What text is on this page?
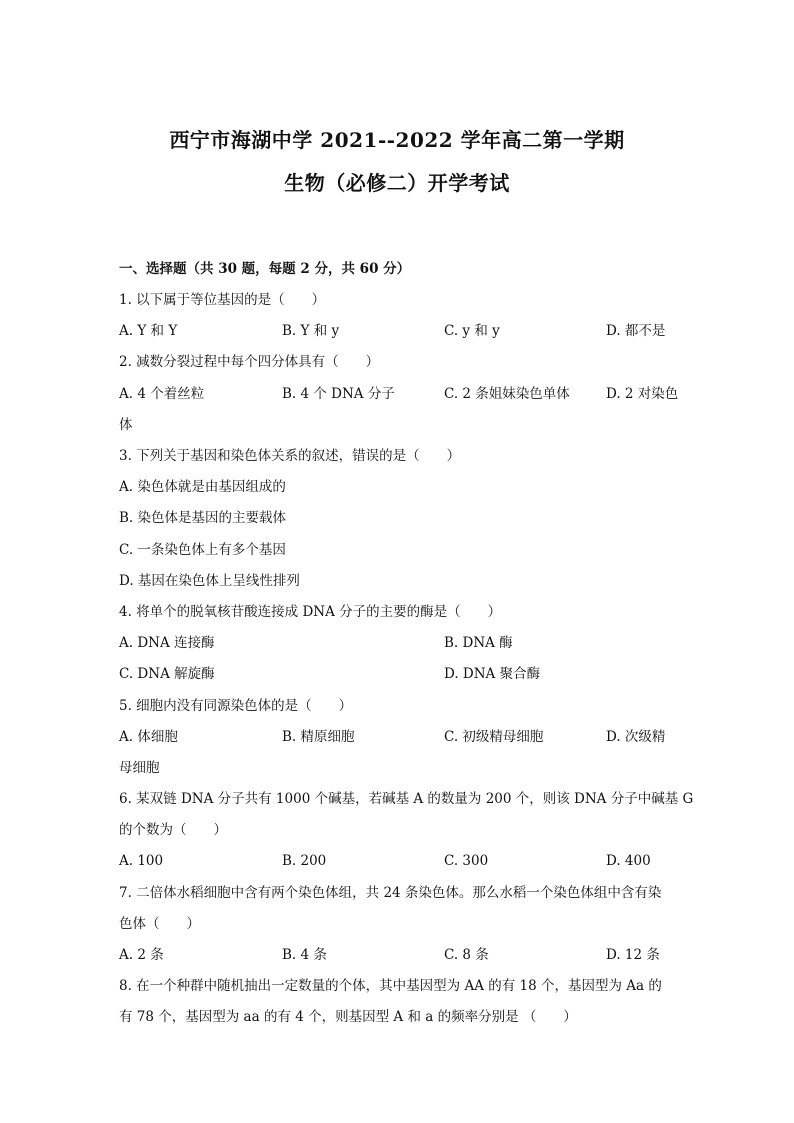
西宁市海湖中学 2021--2022 学年高二第一学期
生物（必修二）开学考试
一、选择题（共 30 题，每题 2 分，共 60 分）
1. 以下属于等位基因的是（　　）
A. Y 和 Y	B. Y 和 y	C. y 和 y	D. 都不是
2. 减数分裂过程中每个四分体具有（　　）
A. 4 个着丝粒	B. 4 个 DNA 分子	C. 2 条姐妹染色单体	D. 2 对染色
体
3. 下列关于基因和染色体关系的叙述，错误的是（　　）
A. 染色体就是由基因组成的
B. 染色体是基因的主要载体
C. 一条染色体上有多个基因
D. 基因在染色体上呈线性排列
4. 将单个的脱氧核苷酸连接成 DNA 分子的主要的酶是（　　）
A. DNA 连接酶	B. DNA 酶
C. DNA 解旋酶	D. DNA 聚合酶
5. 细胞内没有同源染色体的是（　　）
A. 体细胞	B. 精原细胞	C. 初级精母细胞	D. 次级精
母细胞
6. 某双链 DNA 分子共有 1000 个碱基，若碱基 A 的数量为 200 个，则该 DNA 分子中碱基 G
的个数为（　　）
A. 100	B. 200	C. 300	D. 400
7. 二倍体水稻细胞中含有两个染色体组，共 24 条染色体。那么水稻一个染色体组中含有染
色体（　　）
A. 2 条	B. 4 条	C. 8 条	D. 12 条
8. 在一个种群中随机抽出一定数量的个体，其中基因型为 AA 的有 18 个，基因型为 Aa 的
有 78 个，基因型为 aa 的有 4 个，则基因型 A 和 a 的频率分别是 （　　）
